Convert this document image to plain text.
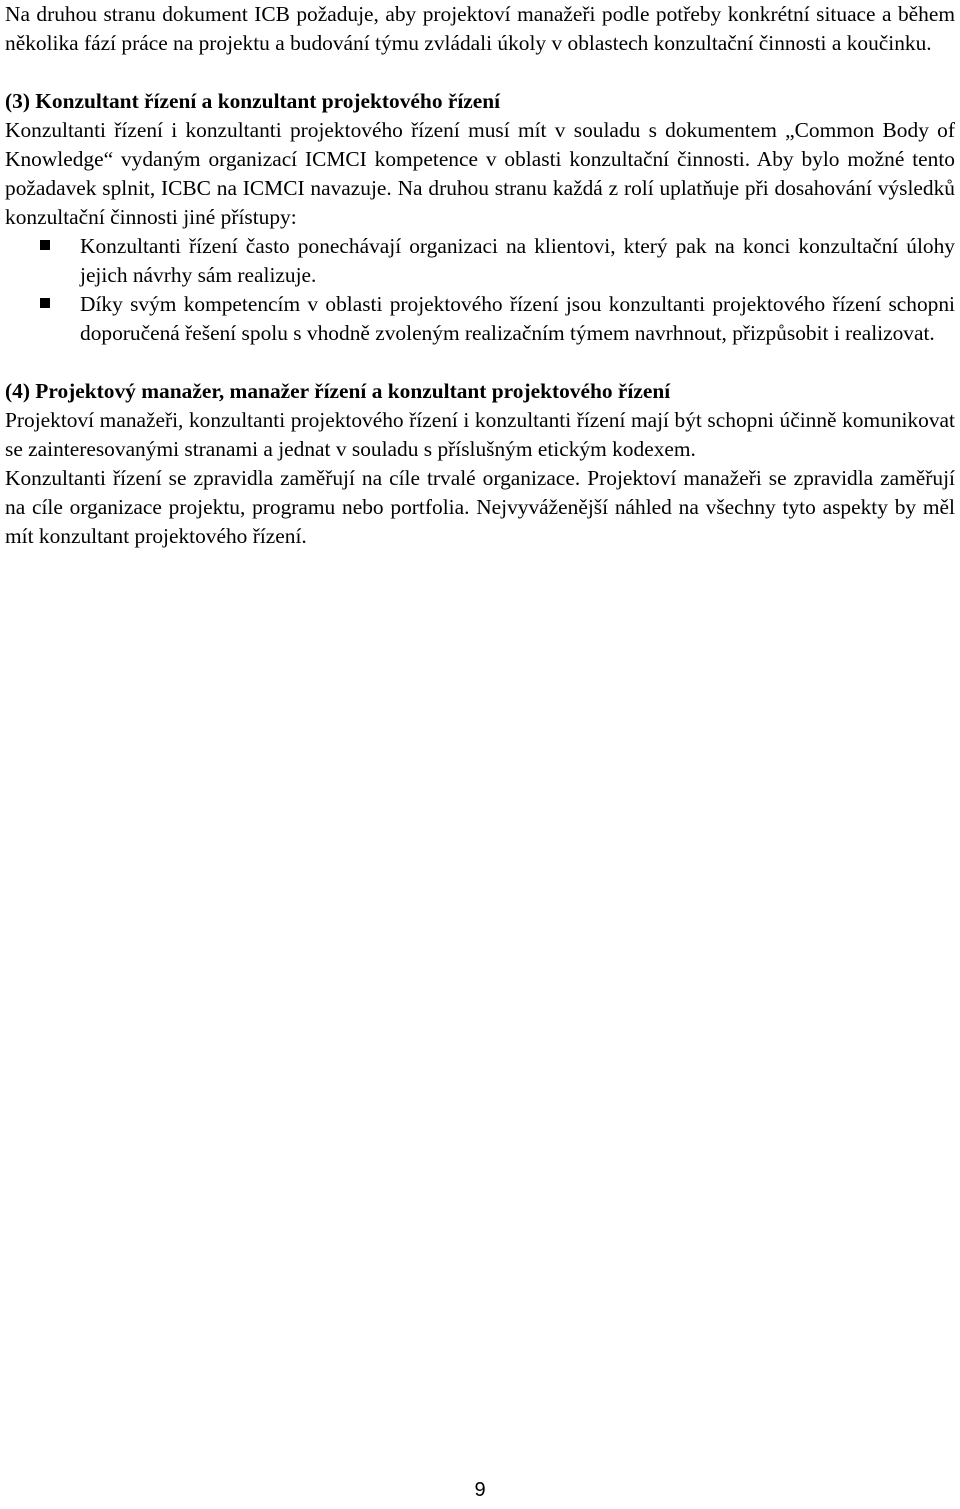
Na druhou stranu dokument ICB požaduje, aby projektoví manažeři podle potřeby konkrétní situace a během několika fází práce na projektu a budování týmu zvládali úkoly v oblastech konzultační činnosti a koučinku.

(3) Konzultant řízení a konzultant projektového řízení

Konzultanti řízení i konzultanti projektového řízení musí mít v souladu s dokumentem „Common Body of Knowledge“ vydaným organizací ICMCI kompetence v oblasti konzultační činnosti. Aby bylo možné tento požadavek splnit, ICBC na ICMCI navazuje. Na druhou stranu každá z rolí uplatňuje při dosahování výsledků konzultační činnosti jiné přístupy:

Konzultanti řízení často ponechávají organizaci na klientovi, který pak na konci konzultační úlohy jejich návrhy sám realizuje.
Díky svým kompetencím v oblasti projektového řízení jsou konzultanti projektového řízení schopni doporučená řešení spolu s vhodně zvoleným realizačním týmem navrhnout, přizpůsobit i realizovat.

(4) Projektový manažer, manažer řízení a konzultant projektového řízení

Projektoví manažeři, konzultanti projektového řízení i konzultanti řízení mají být schopni účinně komunikovat se zainteresovanými stranami a jednat v souladu s příslušným etickým kodexem.

Konzultanti řízení se zpravidla zaměřují na cíle trvalé organizace. Projektoví manažeři se zpravidla zaměřují na cíle organizace projektu, programu nebo portfolia. Nejvyváženější náhled na všechny tyto aspekty by měl mít konzultant projektového řízení.

9
